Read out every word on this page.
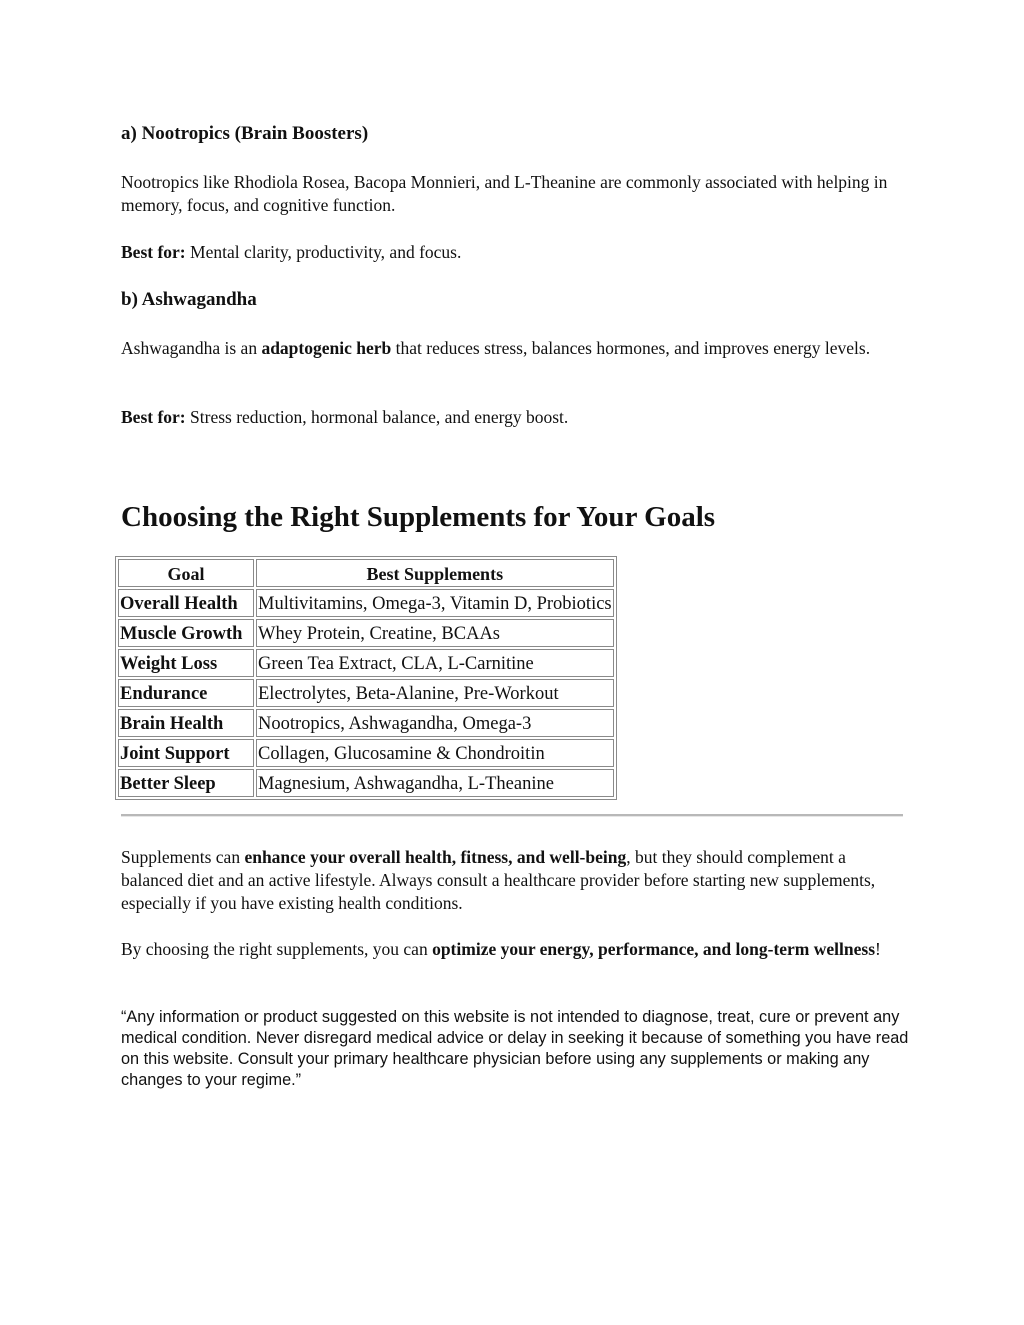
a) Nootropics (Brain Boosters)

Nootropics like Rhodiola Rosea, Bacopa Monnieri, and L-Theanine are commonly associated with helping in memory, focus, and cognitive function.

Best for: Mental clarity, productivity, and focus.

b) Ashwagandha

Ashwagandha is an adaptogenic herb that reduces stress, balances hormones, and improves energy levels.

Best for: Stress reduction, hormonal balance, and energy boost.

Choosing the Right Supplements for Your Goals
Goal	Best Supplements
Overall Health	Multivitamins, Omega-3, Vitamin D, Probiotics
Muscle Growth	Whey Protein, Creatine, BCAAs
Weight Loss	Green Tea Extract, CLA, L-Carnitine
Endurance	Electrolytes, Beta-Alanine, Pre-Workout
Brain Health	Nootropics, Ashwagandha, Omega-3
Joint Support	Collagen, Glucosamine & Chondroitin
Better Sleep	Magnesium, Ashwagandha, L-Theanine

Supplements can enhance your overall health, fitness, and well-being, but they should complement a balanced diet and an active lifestyle. Always consult a healthcare provider before starting new supplements, especially if you have existing health conditions.

By choosing the right supplements, you can optimize your energy, performance, and long-term wellness!

“Any information or product suggested on this website is not intended to diagnose, treat, cure or prevent any medical condition. Never disregard medical advice or delay in seeking it because of something you have read on this website. Consult your primary healthcare physician before using any supplements or making any changes to your regime.”
